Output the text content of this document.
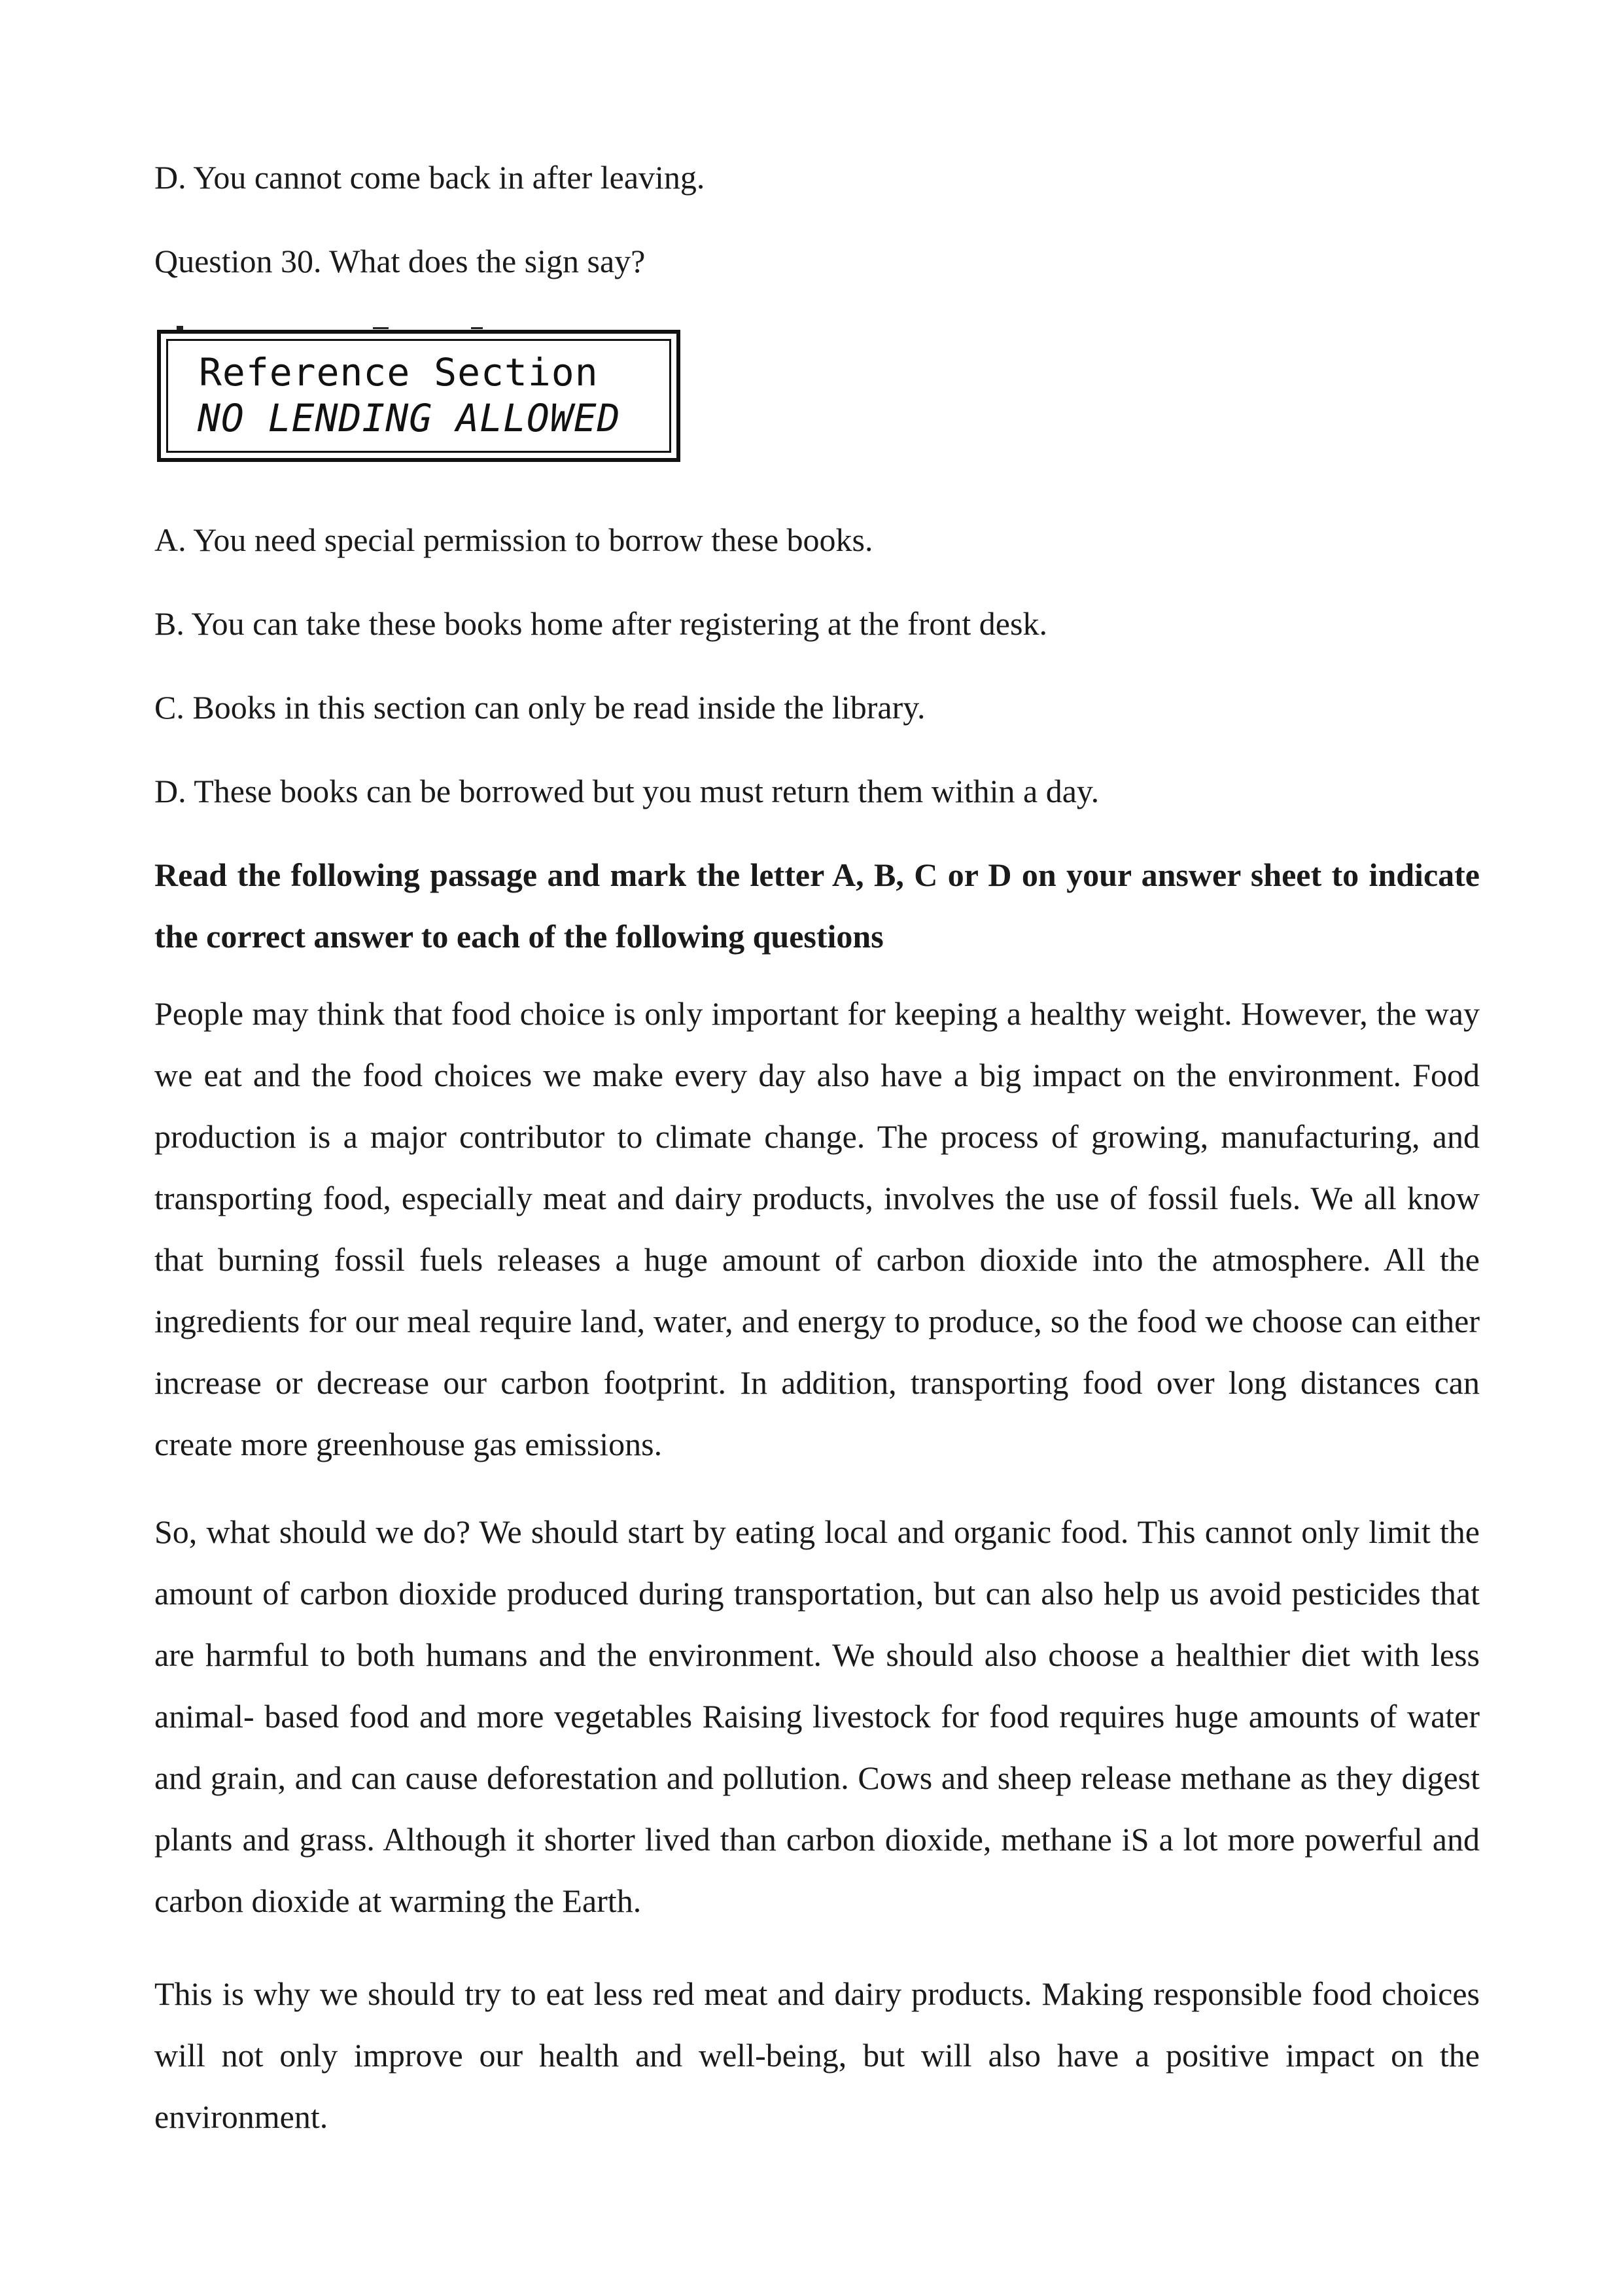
D. You cannot come back in after leaving.
Question 30. What does the sign say?
Reference Section
NO LENDING ALLOWED
A. You need special permission to borrow these books.
B. You can take these books home after registering at the front desk.
C. Books in this section can only be read inside the library.
D. These books can be borrowed but you must return them within a day.
Read the following passage and mark the letter A, B, C or D on your answer sheet to indicate the correct answer to each of the following questions
People may think that food choice is only important for keeping a healthy weight. However, the way we eat and the food choices we make every day also have a big impact on the environment. Food production is a major contributor to climate change. The process of growing, manufacturing, and transporting food, especially meat and dairy products, involves the use of fossil fuels. We all know that burning fossil fuels releases a huge amount of carbon dioxide into the atmosphere. All the ingredients for our meal require land, water, and energy to produce, so the food we choose can either increase or decrease our carbon footprint. In addition, transporting food over long distances can create more greenhouse gas emissions.
So, what should we do? We should start by eating local and organic food. This cannot only limit the amount of carbon dioxide produced during transportation, but can also help us avoid pesticides that are harmful to both humans and the environment. We should also choose a healthier diet with less animal- based food and more vegetables Raising livestock for food requires huge amounts of water and grain, and can cause deforestation and pollution. Cows and sheep release methane as they digest plants and grass. Although it shorter lived than carbon dioxide, methane iS a lot more powerful and carbon dioxide at warming the Earth.
This is why we should try to eat less red meat and dairy products. Making responsible food choices will not only improve our health and well-being, but will also have a positive impact on the environment.
